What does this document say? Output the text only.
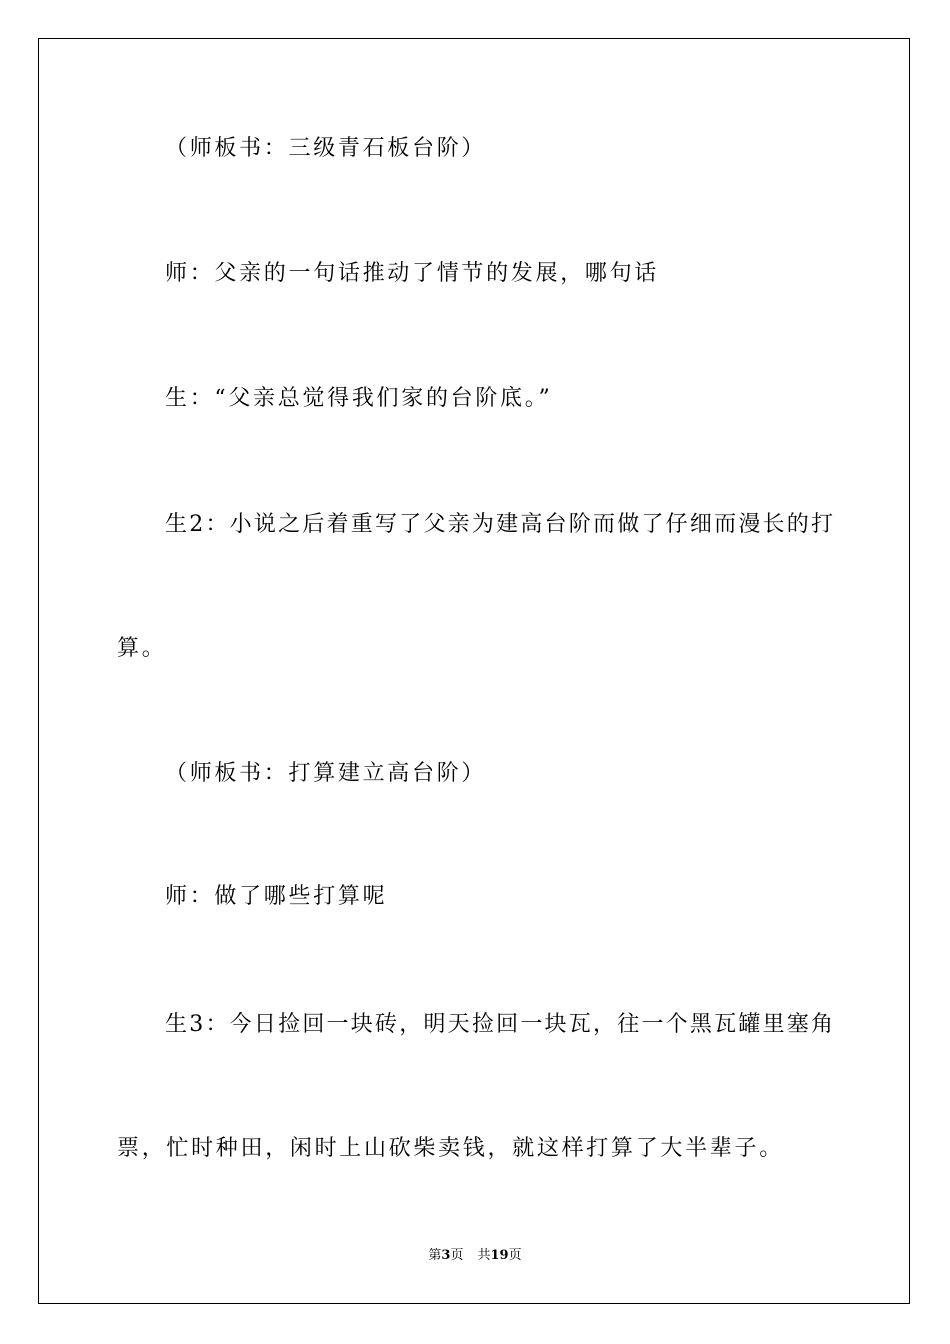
（师板书：三级青石板台阶）

师：父亲的一句话推动了情节的发展，哪句话

生：“父亲总觉得我们家的台阶底。”

生2：小说之后着重写了父亲为建高台阶而做了仔细而漫长的打

算。

（师板书：打算建立高台阶）

师：做了哪些打算呢

生3：今日捡回一块砖，明天捡回一块瓦，往一个黑瓦罐里塞角

票，忙时种田，闲时上山砍柴卖钱，就这样打算了大半辈子。

第3页 共19页
